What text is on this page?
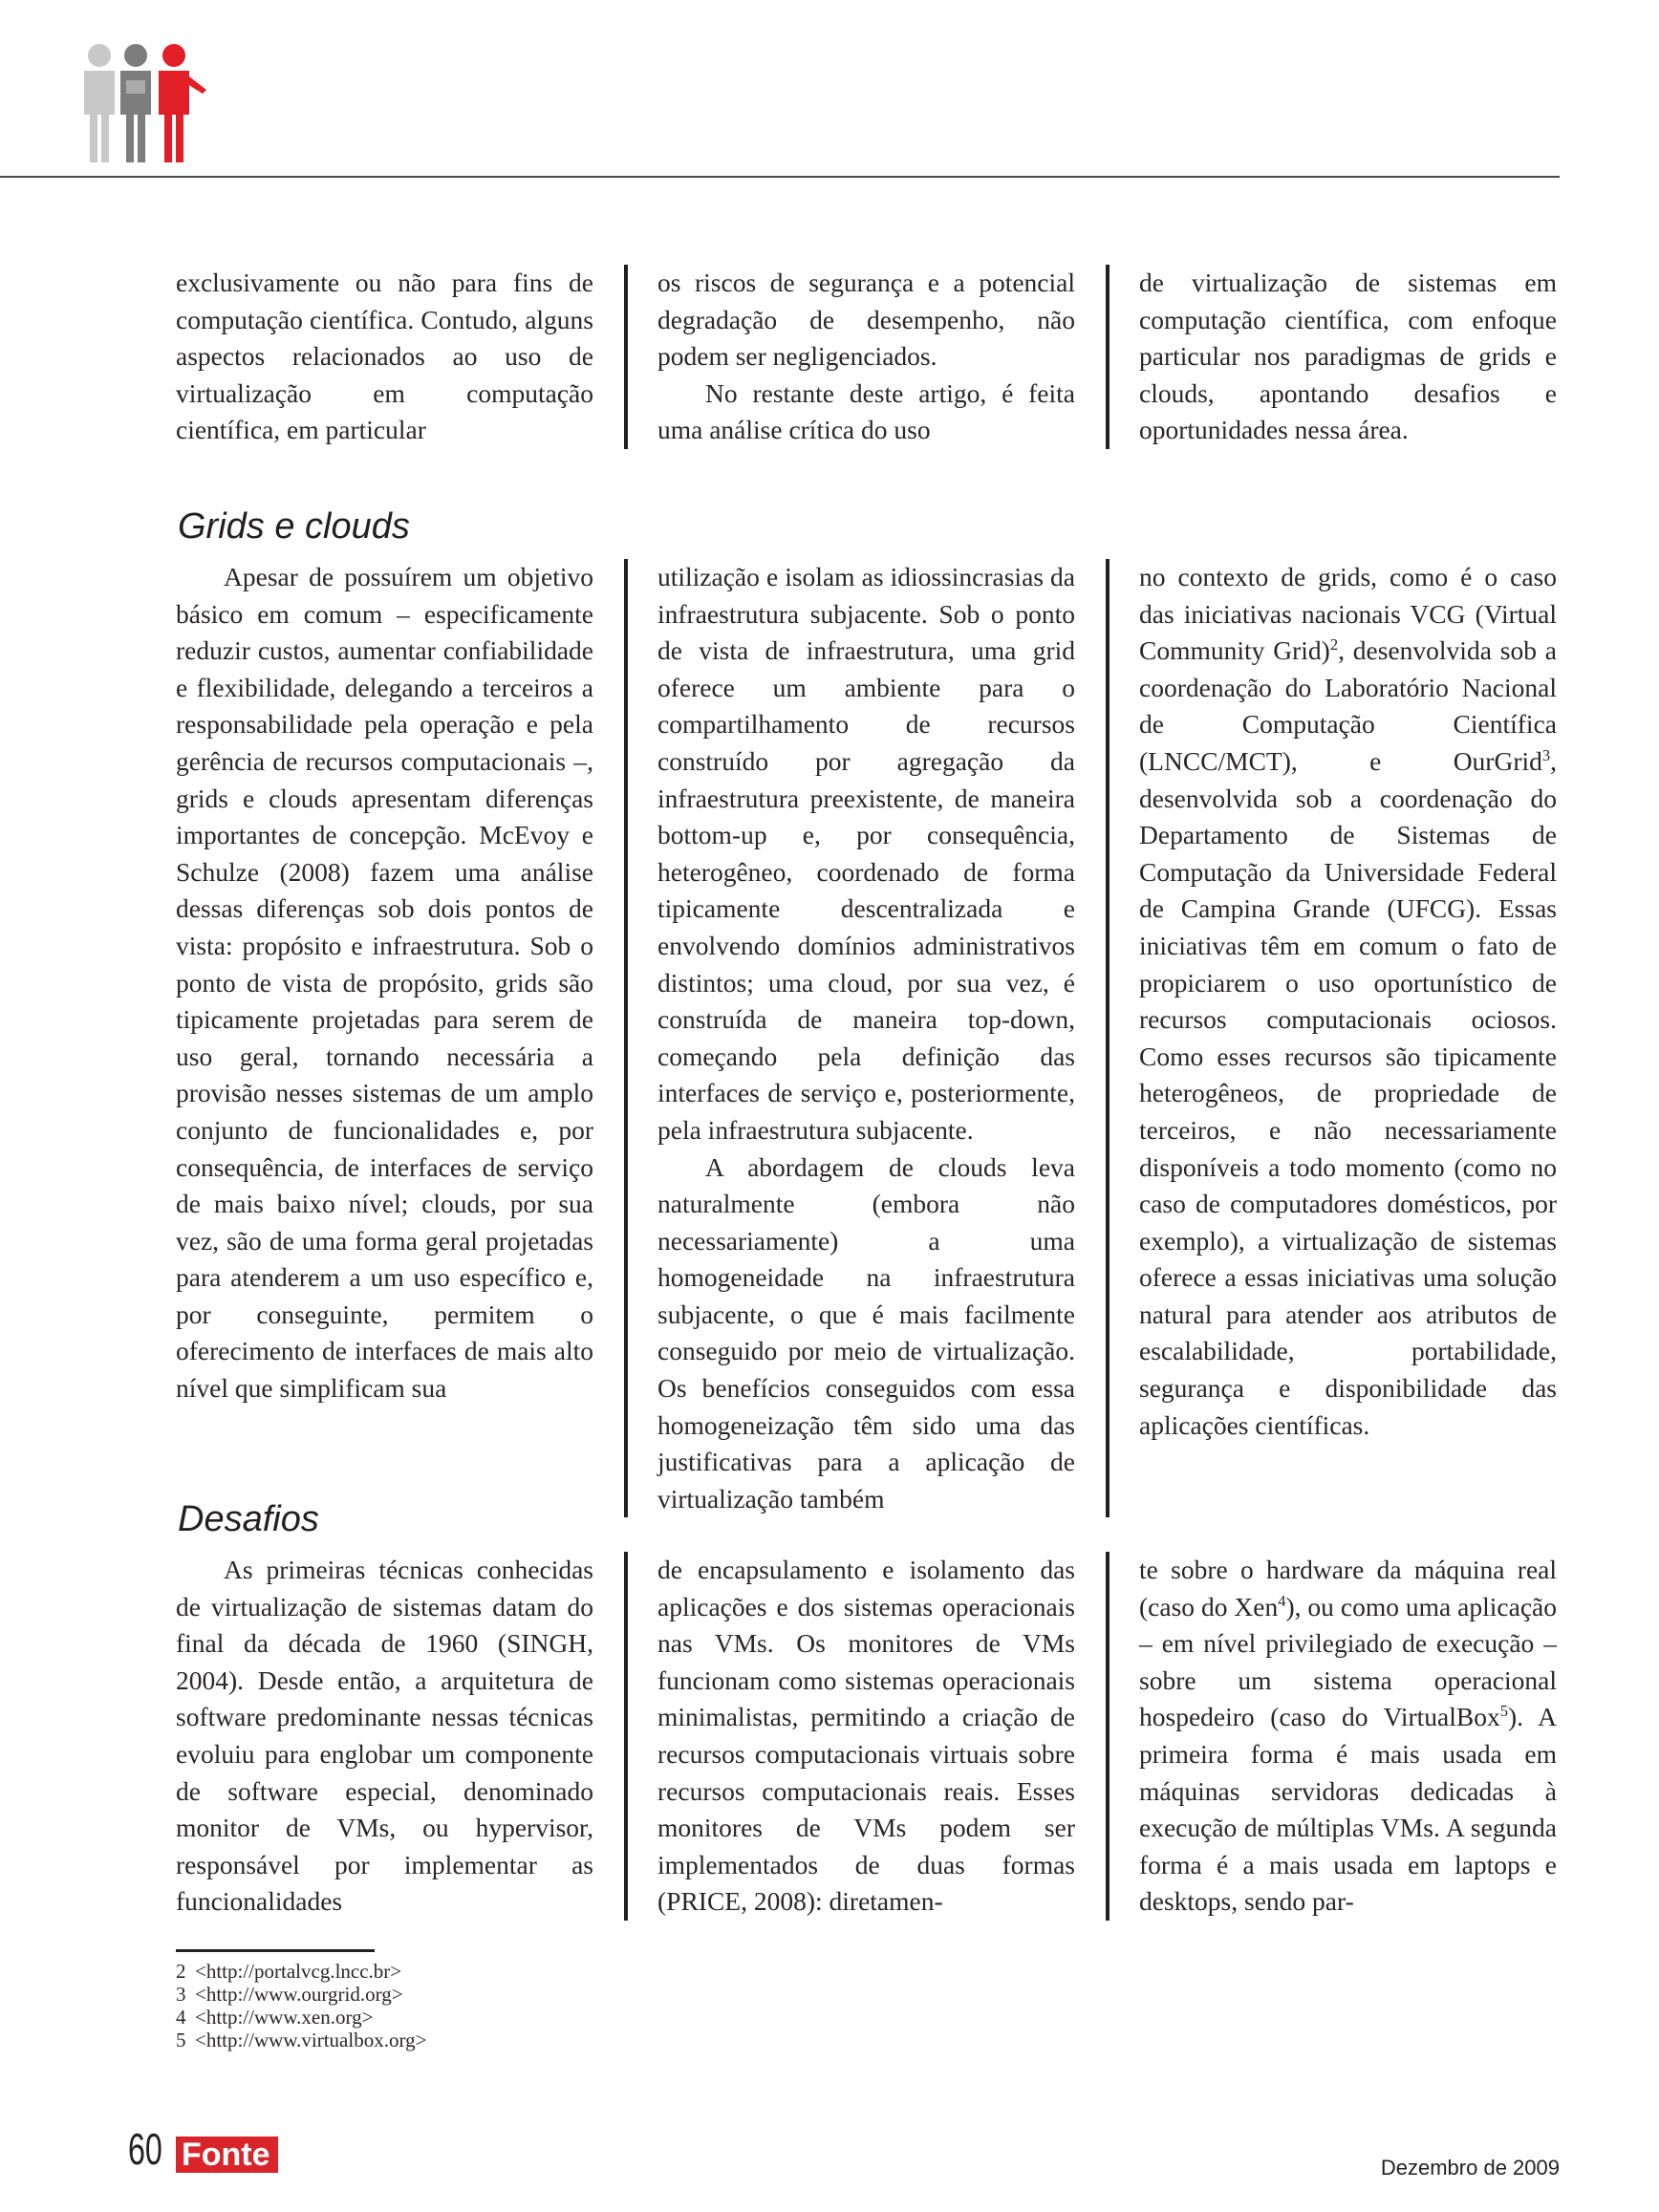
exclusivamente ou não para fins de computação científica. Contudo, alguns aspectos relacionados ao uso de virtualização em computação científica, em particular

os riscos de segurança e a potencial degradação de desempenho, não podem ser negligenciados.

No restante deste artigo, é feita uma análise crítica do uso

de virtualização de sistemas em computação científica, com enfoque particular nos paradigmas de grids e clouds, apontando desafios e oportunidades nessa área.

Grids e clouds

Apesar de possuírem um objetivo básico em comum – especificamente reduzir custos, aumentar confiabilidade e flexibilidade, delegando a terceiros a responsabilidade pela operação e pela gerência de recursos computacionais –, grids e clouds apresentam diferenças importantes de concepção. McEvoy e Schulze (2008) fazem uma análise dessas diferenças sob dois pontos de vista: propósito e infraestrutura. Sob o ponto de vista de propósito, grids são tipicamente projetadas para serem de uso geral, tornando necessária a provisão nesses sistemas de um amplo conjunto de funcionalidades e, por consequência, de interfaces de serviço de mais baixo nível; clouds, por sua vez, são de uma forma geral projetadas para atenderem a um uso específico e, por conseguinte, permitem o oferecimento de interfaces de mais alto nível que simplificam sua

utilização e isolam as idiossincrasias da infraestrutura subjacente. Sob o ponto de vista de infraestrutura, uma grid oferece um ambiente para o compartilhamento de recursos construído por agregação da infraestrutura preexistente, de maneira bottom-up e, por consequência, heterogêneo, coordenado de forma tipicamente descentralizada e envolvendo domínios administrativos distintos; uma cloud, por sua vez, é construída de maneira top-down, começando pela definição das interfaces de serviço e, posteriormente, pela infraestrutura subjacente.

A abordagem de clouds leva naturalmente (embora não necessariamente) a uma homogeneidade na infraestrutura subjacente, o que é mais facilmente conseguido por meio de virtualização. Os benefícios conseguidos com essa homogeneização têm sido uma das justificativas para a aplicação de virtualização também

no contexto de grids, como é o caso das iniciativas nacionais VCG (Virtual Community Grid)$^2$, desenvolvida sob a coordenação do Laboratório Nacional de Computação Científica (LNCC/MCT), e OurGrid$^3$, desenvolvida sob a coordenação do Departamento de Sistemas de Computação da Universidade Federal de Campina Grande (UFCG). Essas iniciativas têm em comum o fato de propiciarem o uso oportunístico de recursos computacionais ociosos. Como esses recursos são tipicamente heterogêneos, de propriedade de terceiros, e não necessariamente disponíveis a todo momento (como no caso de computadores domésticos, por exemplo), a virtualização de sistemas oferece a essas iniciativas uma solução natural para atender aos atributos de escalabilidade, portabilidade, segurança e disponibilidade das aplicações científicas.

Desafios

As primeiras técnicas conhecidas de virtualização de sistemas datam do final da década de 1960 (SINGH, 2004). Desde então, a arquitetura de software predominante nessas técnicas evoluiu para englobar um componente de software especial, denominado monitor de VMs, ou hypervisor, responsável por implementar as funcionalidades

de encapsulamento e isolamento das aplicações e dos sistemas operacionais nas VMs. Os monitores de VMs funcionam como sistemas operacionais minimalistas, permitindo a criação de recursos computacionais virtuais sobre recursos computacionais reais. Esses monitores de VMs podem ser implementados de duas formas (PRICE, 2008): diretamen-

te sobre o hardware da máquina real (caso do Xen$^4$), ou como uma aplicação – em nível privilegiado de execução – sobre um sistema operacional hospedeiro (caso do VirtualBox$^5$). A primeira forma é mais usada em máquinas servidoras dedicadas à execução de múltiplas VMs. A segunda forma é a mais usada em laptops e desktops, sendo par-

2 <http://portalvcg.lncc.br>
3 <http://www.ourgrid.org>
4 <http://www.xen.org>
5 <http://www.virtualbox.org>
60 Fonte	Dezembro de 2009
